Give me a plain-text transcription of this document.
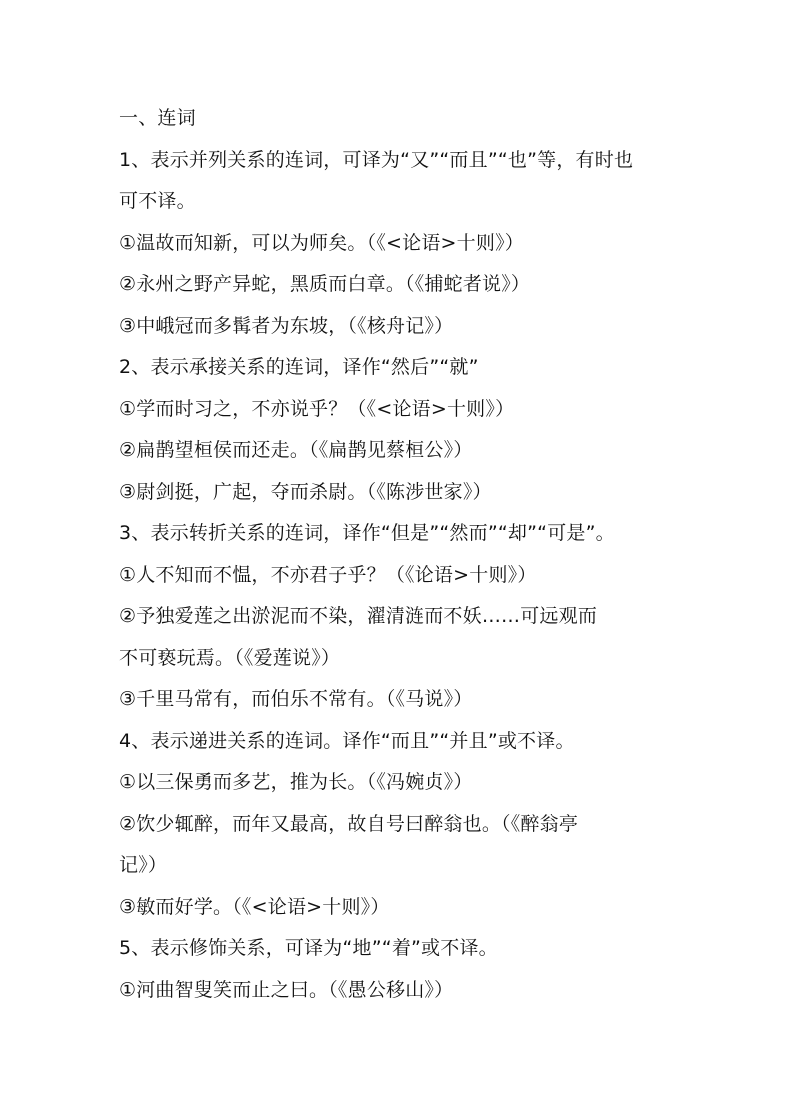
一、连词

1、表示并列关系的连词，可译为“又”“而且”“也”等，有时也

可不译。

①温故而知新，可以为师矣。（《<论语>十则》）

②永州之野产异蛇，黑质而白章。（《捕蛇者说》）

③中峨冠而多髯者为东坡，（《核舟记》）

2、表示承接关系的连词，译作“然后”“就”

①学而时习之，不亦说乎？（《<论语>十则》）

②扁鹊望桓侯而还走。（《扁鹊见蔡桓公》）

③尉剑挺，广起，夺而杀尉。（《陈涉世家》）

3、表示转折关系的连词，译作“但是”“然而”“却”“可是”。

①人不知而不愠，不亦君子乎？（《论语>十则》）

②予独爱莲之出淤泥而不染，濯清涟而不妖……可远观而

不可亵玩焉。（《爱莲说》）

③千里马常有，而伯乐不常有。（《马说》）

4、表示递进关系的连词。译作“而且”“并且”或不译。

①以三保勇而多艺，推为长。（《冯婉贞》）

②饮少辄醉，而年又最高，故自号曰醉翁也。（《醉翁亭

记》）

③敏而好学。（《<论语>十则》）

5、表示修饰关系，可译为“地”“着”或不译。

①河曲智叟笑而止之曰。（《愚公移山》）
